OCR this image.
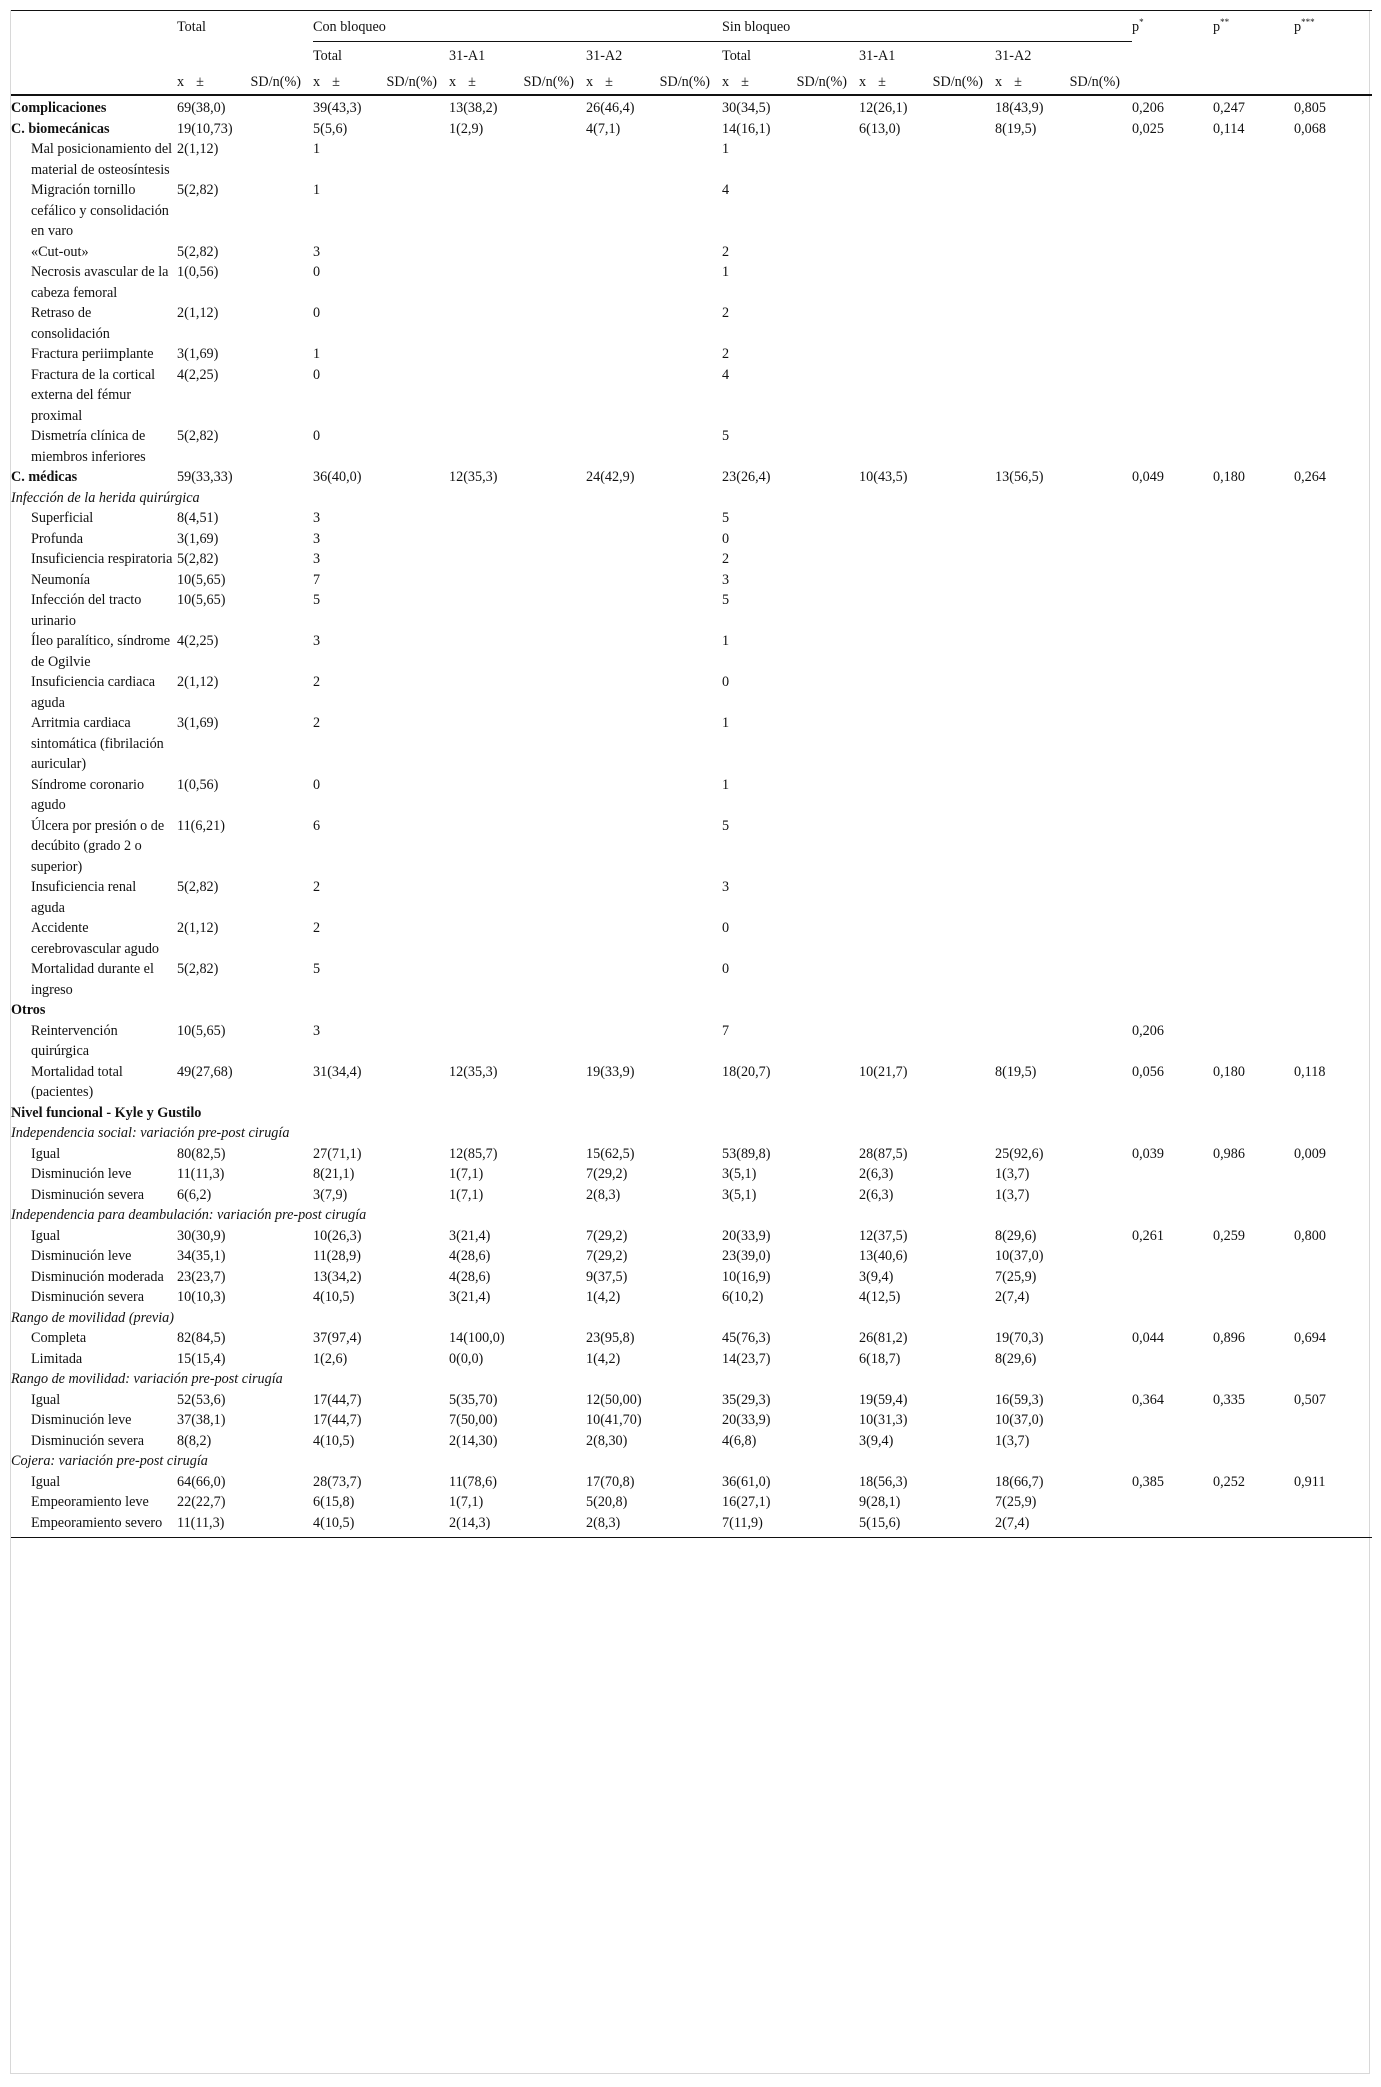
	Total	Con bloqueo			Sin bloqueo			p*	p**	p***
		Total	31-A1	31-A2	Total	31-A1	31-A2			

	x ± SD/n(%)	x ± SD/n(%)	x ± SD/n(%)	x ± SD/n(%)	x ± SD/n(%)	x ± SD/n(%)	x ± SD/n(%)			

Complicaciones	69(38,0)	39(43,3)	13(38,2)	26(46,4)	30(34,5)	12(26,1)	18(43,9)	0,206	0,247	0,805
C. biomecánicas	19(10,73)	5(5,6)	1(2,9)	4(7,1)	14(16,1)	6(13,0)	8(19,5)	0,025	0,114	0,068
Mal posicionamiento del material de osteosíntesis	2(1,12)	1			1					
Migración tornillo cefálico y consolidación en varo	5(2,82)	1			4					
«Cut-out»	5(2,82)	3			2					
Necrosis avascular de la cabeza femoral	1(0,56)	0			1					
Retraso de consolidación	2(1,12)	0			2					
Fractura periimplante	3(1,69)	1			2					
Fractura de la cortical externa del fémur proximal	4(2,25)	0			4					
Dismetría clínica de miembros inferiores	5(2,82)	0			5					
C. médicas	59(33,33)	36(40,0)	12(35,3)	24(42,9)	23(26,4)	10(43,5)	13(56,5)	0,049	0,180	0,264
Infección de la herida quirúrgica										
Superficial	8(4,51)	3			5					
Profunda	3(1,69)	3			0					
Insuficiencia respiratoria	5(2,82)	3			2					
Neumonía	10(5,65)	7			3					
Infección del tracto urinario	10(5,65)	5			5					
Íleo paralítico, síndrome de Ogilvie	4(2,25)	3			1					
Insuficiencia cardiaca aguda	2(1,12)	2			0					
Arritmia cardiaca sintomática (fibrilación auricular)	3(1,69)	2			1					
Síndrome coronario agudo	1(0,56)	0			1					
Úlcera por presión o de decúbito (grado 2 o superior)	11(6,21)	6			5					
Insuficiencia renal aguda	5(2,82)	2			3					
Accidente cerebrovascular agudo	2(1,12)	2			0					
Mortalidad durante el ingreso	5(2,82)	5			0					
Otros										
Reintervención quirúrgica	10(5,65)	3			7			0,206		
Mortalidad total (pacientes)	49(27,68)	31(34,4)	12(35,3)	19(33,9)	18(20,7)	10(21,7)	8(19,5)	0,056	0,180	0,118
Nivel funcional - Kyle y Gustilo										
Independencia social: variación pre-post cirugía										
Igual	80(82,5)	27(71,1)	12(85,7)	15(62,5)	53(89,8)	28(87,5)	25(92,6)	0,039	0,986	0,009
Disminución leve	11(11,3)	8(21,1)	1(7,1)	7(29,2)	3(5,1)	2(6,3)	1(3,7)			
Disminución severa	6(6,2)	3(7,9)	1(7,1)	2(8,3)	3(5,1)	2(6,3)	1(3,7)			
Independencia para deambulación: variación pre-post cirugía										
Igual	30(30,9)	10(26,3)	3(21,4)	7(29,2)	20(33,9)	12(37,5)	8(29,6)	0,261	0,259	0,800
Disminución leve	34(35,1)	11(28,9)	4(28,6)	7(29,2)	23(39,0)	13(40,6)	10(37,0)			
Disminución moderada	23(23,7)	13(34,2)	4(28,6)	9(37,5)	10(16,9)	3(9,4)	7(25,9)			
Disminución severa	10(10,3)	4(10,5)	3(21,4)	1(4,2)	6(10,2)	4(12,5)	2(7,4)			
Rango de movilidad (previa)										
Completa	82(84,5)	37(97,4)	14(100,0)	23(95,8)	45(76,3)	26(81,2)	19(70,3)	0,044	0,896	0,694
Limitada	15(15,4)	1(2,6)	0(0,0)	1(4,2)	14(23,7)	6(18,7)	8(29,6)			
Rango de movilidad: variación pre-post cirugía										
Igual	52(53,6)	17(44,7)	5(35,70)	12(50,00)	35(29,3)	19(59,4)	16(59,3)	0,364	0,335	0,507
Disminución leve	37(38,1)	17(44,7)	7(50,00)	10(41,70)	20(33,9)	10(31,3)	10(37,0)			
Disminución severa	8(8,2)	4(10,5)	2(14,30)	2(8,30)	4(6,8)	3(9,4)	1(3,7)			
Cojera: variación pre-post cirugía										
Igual	64(66,0)	28(73,7)	11(78,6)	17(70,8)	36(61,0)	18(56,3)	18(66,7)	0,385	0,252	0,911
Empeoramiento leve	22(22,7)	6(15,8)	1(7,1)	5(20,8)	16(27,1)	9(28,1)	7(25,9)			
Empeoramiento severo	11(11,3)	4(10,5)	2(14,3)	2(8,3)	7(11,9)	5(15,6)	2(7,4)			
